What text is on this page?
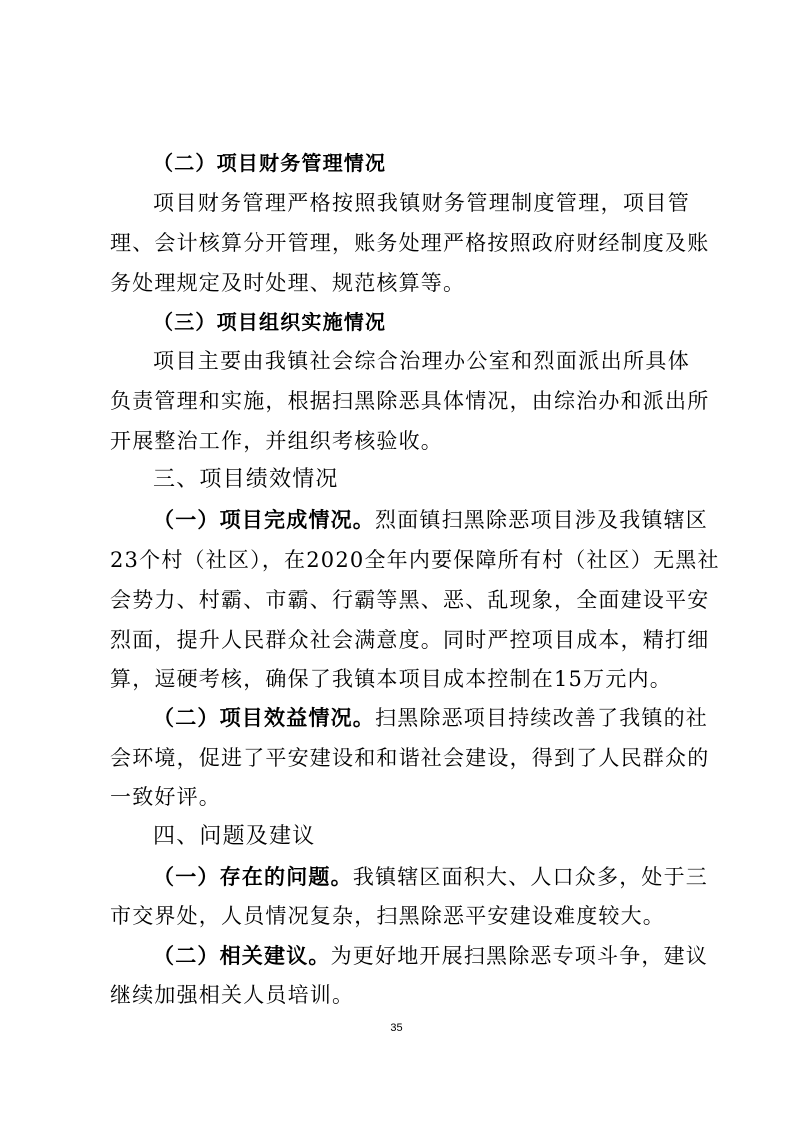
（二）项目财务管理情况
项目财务管理严格按照我镇财务管理制度管理，项目管
理、会计核算分开管理，账务处理严格按照政府财经制度及账
务处理规定及时处理、规范核算等。
（三）项目组织实施情况
项目主要由我镇社会综合治理办公室和烈面派出所具体
负责管理和实施，根据扫黑除恶具体情况，由综治办和派出所
开展整治工作，并组织考核验收。
三、项目绩效情况
（一）项目完成情况。烈面镇扫黑除恶项目涉及我镇辖区
23个村（社区），在2020全年内要保障所有村（社区）无黑社
会势力、村霸、市霸、行霸等黑、恶、乱现象，全面建设平安
烈面，提升人民群众社会满意度。同时严控项目成本，精打细
算，逗硬考核，确保了我镇本项目成本控制在15万元内。
（二）项目效益情况。扫黑除恶项目持续改善了我镇的社
会环境，促进了平安建设和和谐社会建设，得到了人民群众的
一致好评。
四、问题及建议
（一）存在的问题。我镇辖区面积大、人口众多，处于三
市交界处，人员情况复杂，扫黑除恶平安建设难度较大。
（二）相关建议。为更好地开展扫黑除恶专项斗争，建议
继续加强相关人员培训。
35
